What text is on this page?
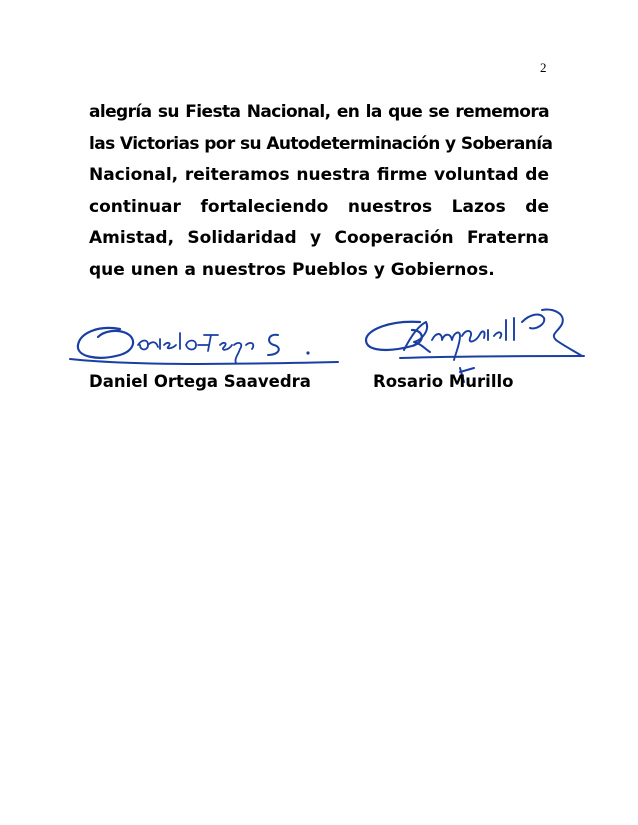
2
alegría su Fiesta Nacional, en la que se rememora
las Victorias por su Autodeterminación y Soberanía
Nacional, reiteramos nuestra firme voluntad de
continuar fortaleciendo nuestros Lazos de
Amistad, Solidaridad y Cooperación Fraterna
que unen a nuestros Pueblos y Gobiernos.
Daniel Ortega Saavedra	Rosario Murillo
